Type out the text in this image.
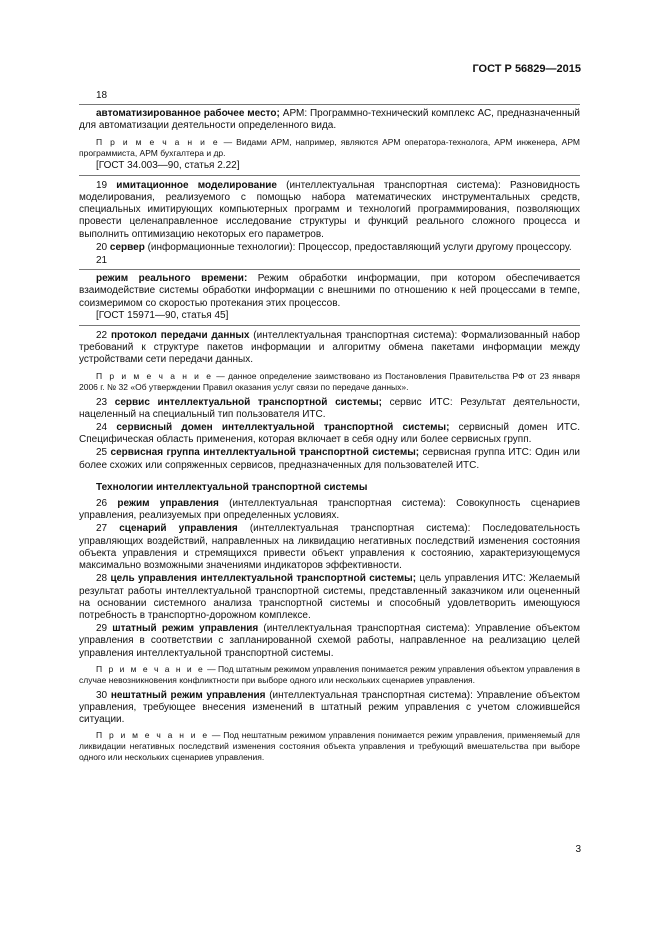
ГОСТ Р 56829—2015

18

автоматизированное рабочее место; АРМ: Программно-технический комплекс АС, предназначенный для автоматизации деятельности определенного вида.

П р и м е ч а н и е — Видами АРМ, например, являются АРМ оператора-технолога, АРМ инженера, АРМ программиста, АРМ бухгалтера и др.

[ГОСТ 34.003—90, статья 2.22]

19 имитационное моделирование (интеллектуальная транспортная система): Разновидность моделирования, реализуемого с помощью набора математических инструментальных средств, специальных имитирующих компьютерных программ и технологий программирования, позволяющих провести целенаправленное исследование структуры и функций реального сложного процесса и выполнить оптимизацию некоторых его параметров.

20 сервер (информационные технологии): Процессор, предоставляющий услуги другому процессору.

21

режим реального времени: Режим обработки информации, при котором обеспечивается взаимодействие системы обработки информации с внешними по отношению к ней процессами в темпе, соизмеримом со скоростью протекания этих процессов.

[ГОСТ 15971—90, статья 45]

22 протокол передачи данных (интеллектуальная транспортная система): Формализованный набор требований к структуре пакетов информации и алгоритму обмена пакетами информации между устройствами сети передачи данных.

П р и м е ч а н и е — данное определение заимствовано из Постановления Правительства РФ от 23 января 2006 г. № 32 «Об утверждении Правил оказания услуг связи по передаче данных».

23 сервис интеллектуальной транспортной системы; сервис ИТС: Результат деятельности, нацеленный на специальный тип пользователя ИТС.

24 сервисный домен интеллектуальной транспортной системы; сервисный домен ИТС. Специфическая область применения, которая включает в себя одну или более сервисных групп.

25 сервисная группа интеллектуальной транспортной системы; сервисная группа ИТС: Один или более схожих или сопряженных сервисов, предназначенных для пользователей ИТС.

Технологии интеллектуальной транспортной системы

26 режим управления (интеллектуальная транспортная система): Совокупность сценариев управления, реализуемых при определенных условиях.

27 сценарий управления (интеллектуальная транспортная система): Последовательность управляющих воздействий, направленных на ликвидацию негативных последствий изменения состояния объекта управления и стремящихся привести объект управления к состоянию, характеризующемуся максимально возможными значениями индикаторов эффективности.

28 цель управления интеллектуальной транспортной системы; цель управления ИТС: Желаемый результат работы интеллектуальной транспортной системы, представленный заказчиком или оцененный на основании системного анализа транспортной системы и способный удовлетворить имеющуюся потребность в транспортно-дорожном комплексе.

29 штатный режим управления (интеллектуальная транспортная система): Управление объектом управления в соответствии с запланированной схемой работы, направленное на реализацию целей управления интеллектуальной транспортной системы.

П р и м е ч а н и е — Под штатным режимом управления понимается режим управления объектом управления в случае невозникновения конфликтности при выборе одного или нескольких сценариев управления.

30 нештатный режим управления (интеллектуальная транспортная система): Управление объектом управления, требующее внесения изменений в штатный режим управления с учетом сложившейся ситуации.

П р и м е ч а н и е — Под нештатным режимом управления понимается режим управления, применяемый для ликвидации негативных последствий изменения состояния объекта управления и требующий вмешательства при выборе одного или нескольких сценариев управления.

3
